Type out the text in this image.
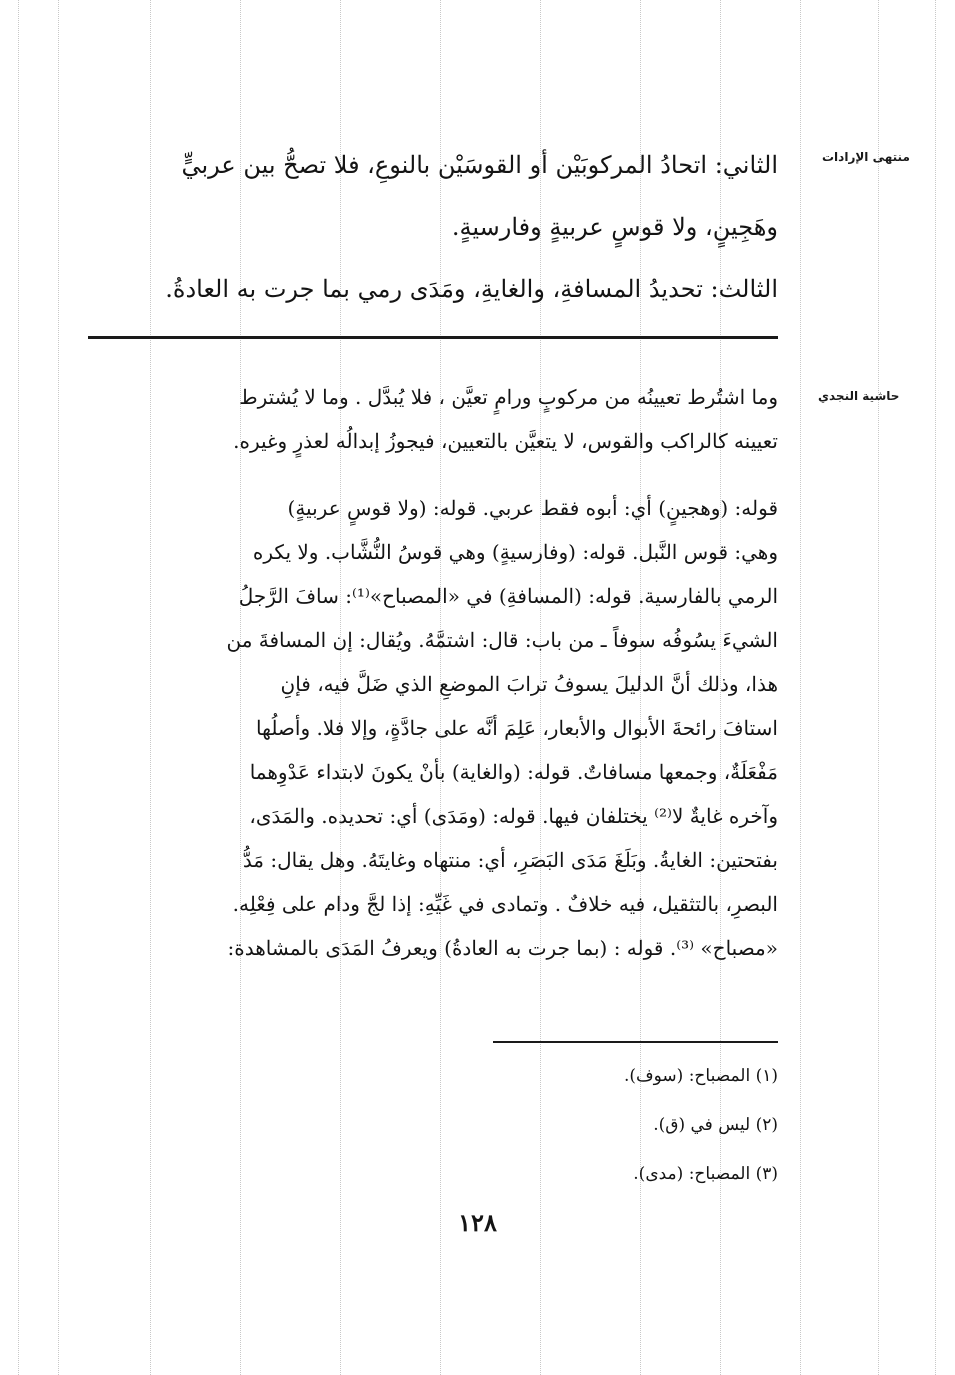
منتهى الإرادات
حاشية النجدي

الثاني: اتحادُ المركوبَيْن أو القوسَيْن بالنوعِ، فلا تصحُّ بين عربيٍّ
وهَجِينٍ، ولا قوسٍ عربيةٍ وفارسيةٍ.
الثالث: تحديدُ المسافةِ، والغايةِ، ومَدَى رمي بما جرت به العادةُ.

وما اشتُرط تعيينُه من مركوبٍ ورامٍ تعيَّن ، فلا يُبدَّل . وما لا يُشترط
تعيينه كالراكب والقوس، لا يتعيَّن بالتعيين، فيجوزُ إبدالُه لعذرٍ وغيره.

قوله: (وهجينٍ) أي: أبوه فقط عربي. قوله: (ولا قوسٍ عربيةٍ)
وهي: قوس النَّبل. قوله: (وفارسيةٍ) وهي قوسُ النُّشَّاب. ولا يكره
الرمي بالفارسية. قوله: (المسافةِ) في «المصباح»⁽¹⁾: سافَ الرَّجلُ
الشيءَ يسُوفُه سوفاً ـ من باب: قال: اشتمَّهُ. ويُقال: إن المسافةَ من
هذا، وذلك أنَّ الدليلَ يسوفُ ترابَ الموضعِ الذي ضَلَّ فيه، فإنِ
استافَ رائحةَ الأبوال والأبعار، عَلِمَ أنَّه على جادَّةٍ، وإلا فلا. وأصلُها
مَفْعَلَةٌ، وجمعها مسافاتٌ. قوله: (والغاية) بأنْ يكونَ لابتداء عَدْوِهما
وآخره غايةٌ لا⁽²⁾ يختلفان فيها. قوله: (ومَدَى) أي: تحديده. والمَدَى،
بفتحتين: الغايةُ. وبَلَغَ مَدَى البَصَرِ، أي: منتهاه وغايتَهُ. وهل يقال: مَدُّ
البصرِ، بالتثقيل، فيه خلافٌ . وتمادى في غَيِّهِ: إذا لجَّ ودام على فِعْلِه.
«مصباح» ⁽³⁾. قوله : (بما جرت به العادةُ) ويعرفُ المَدَى بالمشاهدة:

(١) المصباح: (سوف).
(٢) ليس في (ق).
(٣) المصباح: (مدى).
١٢٨
